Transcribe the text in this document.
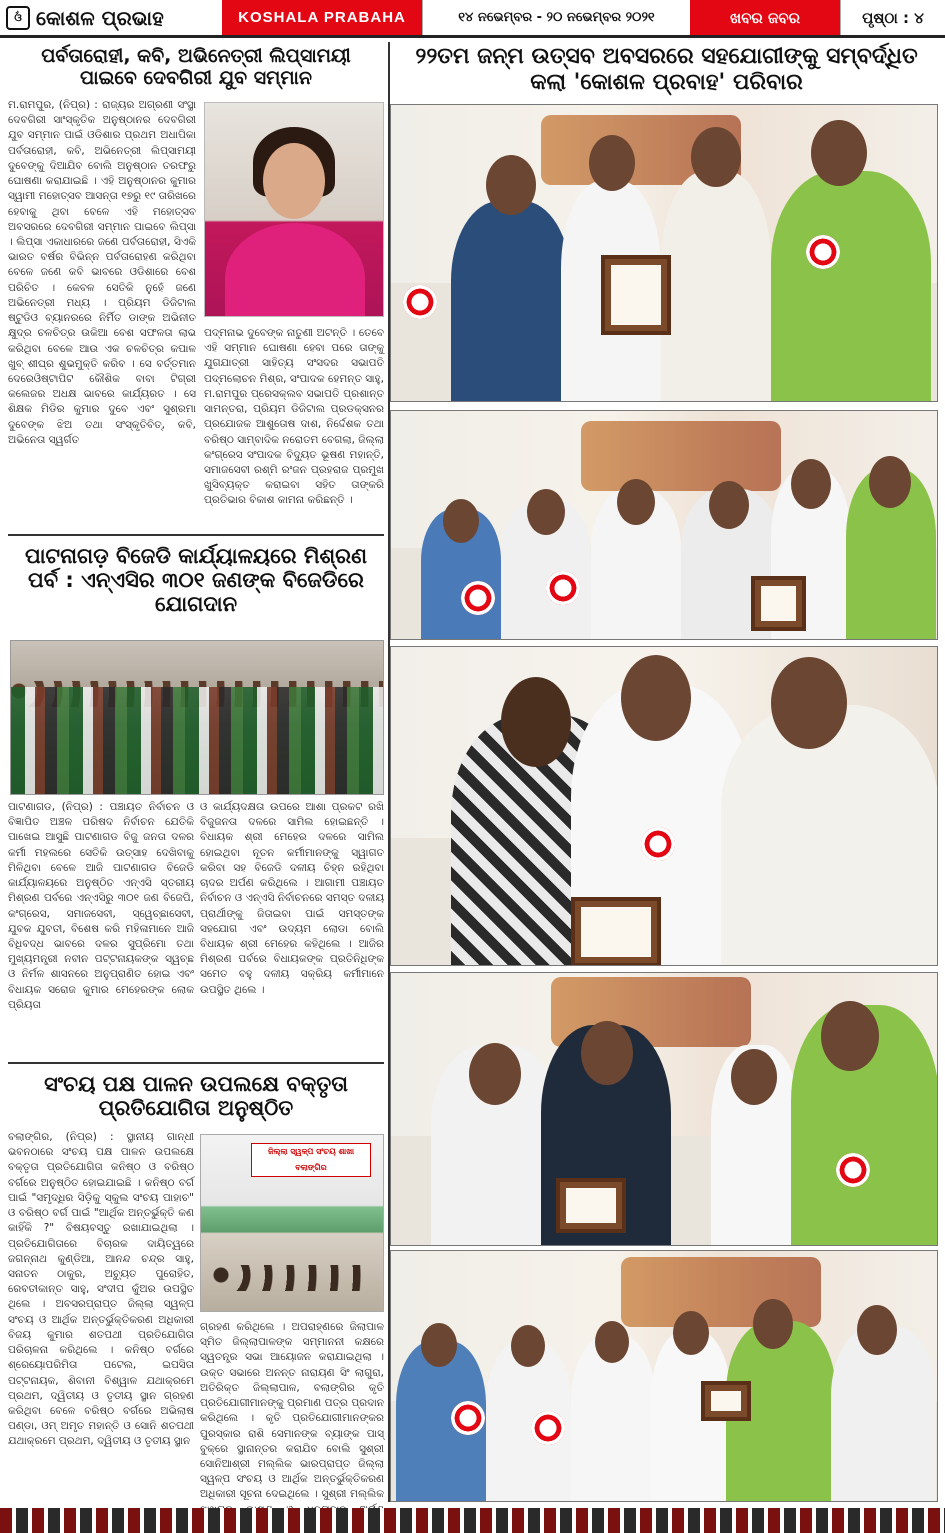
ଓଁ କୋଶଳ ପ୍ରଭାହ	KOSHALA PRABAHA	୧୪ ନଭେମ୍ବର - ୨୦ ନଭେମ୍ବର ୨୦୨୧	ଖବର ଜବର	ପୃଷ୍ଠା : ୪
ପର୍ବତାରୋହୀ, କବି, ଅଭିନେତ୍ରୀ ଲିପ୍ସାମୟୀ ପାଇବେ ଦେବଗିରୀ ଯୁବ ସମ୍ମାନ
ମ.ରାମପୁର, (ନିପ୍ର) : ରାଜ୍ୟର ଅଗ୍ରଣୀ ସଂସ୍ଥା ଦେବଗିରୀ ସାଂସ୍କୃତିକ ଅନୁଷ୍ଠାନର ଦେବଗିରୀ ଯୁବ ସମ୍ମାନ ପାଇଁ ଓଡିଶାର ପ୍ରଥମ ଅଧାପିକା ପର୍ବତାରୋହୀ, କବି, ଅଭିନେତ୍ରୀ ଲିପ୍ସାମୟୀ ଦୁବେଙ୍କୁ ଦିଆଯିବ ବୋଲି ଅନୁଷ୍ଠାନ ତରଫରୁ ଘୋଷଣା କରାଯାଇଛି । ଏହି ଅନୁଷ୍ଠାନର କୁମାର ସ୍ୱାମୀ ମହୋତ୍ସବ ଆସନ୍ତା ୧୭ରୁ ୧୯ ତାରିଖରେ ହେବାକୁ ଥିବା ବେଳେ ଏହି ମହୋତ୍ସବ ଅବସରରେ ଦେବଗିରୀ ସମ୍ମାନ ପାଇବେ ଲିପ୍ସା । ଲିପ୍ସା ଏକାଧାରରେ ଜଣେ ପର୍ବତାରୋହୀ, ସିଏକି ଭାରତ ବର୍ଷର ବିଭିନ୍ନ ପର୍ବତାରୋହଣ କରିଥିବା ବେଳେ ଜଣେ କବି ଭାବରେ ଓଡିଶାରେ ବେଶ ପରିଚିତ । କେବଳ ସେତିକି ନୁହେଁ ଜଣେ ଅଭିନେତ୍ରୀ ମଧ୍ୟ । ପ୍ରିୟମ ଡିଜିଟାଲ ଷ୍ଟୁଡିଓ ବ୍ୟାନରରେ ନିର୍ମିତ ଡାଙ୍କ ଅଭିନୀତ କ୍ଷୁଦ୍ର ଚଳଚିତ୍ର ଉକିଆ ବେଶ ସଫଳତା ଲାଭ କରିଥିବା ବେଳେ ଆଉ ଏକ ଚଳଚିତ୍ର କପାଳ ଖୁବ୍ ଶୀଘ୍ର ଶୁଭମୁକ୍ତି କରିବ । ସେ ବର୍ତ୍ତମାନ ଦେରେଓିଷ୍ଟାପିଟ କୌଶିକ ବାବା ଟିଗ୍ରୀ କଲେଜର ଅଧକ୍ଷ ଭାବରେ କାର୍ଯ୍ୟରତ । ସେ ଶିକ୍ଷକ ମିଡିର କୁମାର ଦୁବେ ଏବଂ ସୁଶ୍ରମା ଦୁବେଙ୍କ ଝିଅ ତଥା ସଂସ୍କୃତିବିତ୍, କବି, ଅଭିନେତା ସ୍ୱର୍ଗତ
ପଦ୍ମନାଭ ଦୁବେଙ୍କ ନାତୁଣୀ ଅଟନ୍ତି । ତେବେ ଏହି ସମ୍ମାନ ଘୋଷଣା ହେବା ପରେ ତାଙ୍କୁ ଯୁଗଯାତ୍ରୀ ସାହିତ୍ୟ ସଂସଦର ସଭାପତି ପଦ୍ମଲୋଚନ ମିଶ୍ର, ସଂପାଦକ ହେମନ୍ତ ସାହୁ, ମ.ରାମପୁର ପ୍ରେସକ୍ଲବ ସଭାପତି ପ୍ରଶାନ୍ତ ସାମନ୍ତରା, ପ୍ରିୟମ ଡିଜିଟାଲ ପ୍ରଡକ୍ସନର ପ୍ରଯୋଜକ ଆଶୁତୋଷ ଦାଶ, ନିର୍ଦ୍ଦେଶକ ତଥା ବରିଷ୍ଠ ସାମ୍ବାଦିକ ନରୋତମ ବେଗଲା, ଜିଲ୍ଲା କଂଗ୍ରେସ ସଂପାଦକ ବିଦ୍ୟୁତ ଭୂଷଣ ମହାନ୍ତି, ସମାଜସେବୀ ରଶ୍ମି ରଂଜନ ପ୍ରହରାଜ ପ୍ରମୁଖ ଖୁସିବ୍ୟକ୍ତ କରାଇବା ସହିତ ତାଙ୍କରି ପ୍ରତିଭାର ବିକାଶ କାମନା କରିଛନ୍ତି ।
ପାଟନାଗଡ଼ ବିଜେଡି କାର୍ଯ୍ୟାଳୟରେ ମିଶ୍ରଣ ପର୍ବ : ଏନ୍‌ଏସିର ୩୦୧ ଜଣଙ୍କ ବିଜେଡିରେ ଯୋଗଦାନ
ପାଟଣାଗଡ, (ନିପ୍ର) : ପଞ୍ଚାୟତ ନିର୍ବାଚନ ଓ ବିଜ୍ଞାପିତ ଅଞ୍ଚଳ ପରିଷଦ ନିର୍ବାଚନ ଯେତିକି ପାଖେଇ ଆସୁଛି ପାଟଣାଗଡ ବିଜୁ ଜନତା ଦଳର କର୍ମୀ ମହଲରେ ସେତିକି ଉତ୍ସାହ ଦେଖିବାକୁ ମିଳିଥିବା ବେଳେ ଆଜି ପାଟଣାଗଡ ବିଜେଡି କାର୍ଯ୍ୟାଳୟରେ ଅନୁଷ୍ଠିତ ଏନ୍‌ଏସି ସ୍ତରୀୟ ମିଶ୍ରଣ ପର୍ବରେ ଏନ୍‌ଏସିରୁ ୩୦୧ ଜଣ ବିଜେପି, କଂଗ୍ରେସ, ସମାଜସେବୀ, ସ୍ୱେଚ୍ଛାସେବୀ, ଯୁବକ ଯୁବତୀ, ବିଶେଷ କରି ମହିଳାମାନେ ଆଜି ବିଧିବଦ୍ଧ ଭାବରେ ଦଳର ସୁପ୍ରିମୋ ତଥା ମୁଖ୍ୟମନ୍ତ୍ରୀ ନବୀନ ପଟ୍ଟନାୟକଙ୍କ ସ୍ୱଚ୍ଛ ଓ ନିର୍ମଳ ଶାସନରେ ଅନୁପ୍ରାଣିତ ହୋଇ ଏବଂ ବିଧାୟକ ସରୋଜ କୁମାର ମେହେରଙ୍କ ଲୋକ ପ୍ରିୟତା
ଓ କାର୍ଯ୍ୟଦକ୍ଷତା ଉପରେ ଆଶା ପ୍ରକଟ ରଖି ବିଜୁଜନତା ଦଳରେ ସାମିଲ ହୋଇଛନ୍ତି । ବିଧାୟକ ଶ୍ରୀ ମେହେର ଦଳରେ ସାମିଲ ହୋଇଥିବା ନୂତନ କର୍ମୀମାନଙ୍କୁ ସ୍ୱାଗତ କରିବା ସହ ବିଜେଡି ଦଳୀୟ ଚିହ୍ନ ରହିଥିବା ଚାଦର ଅର୍ପଣ କରିଥିଲେ । ଆଗାମୀ ପଞ୍ଚାୟତ ନିର୍ବାଚନ ଓ ଏନ୍‌ଏସି ନିର୍ବାଚନରେ ସମସ୍ତ ଦଳୀୟ ପ୍ରାର୍ଥୀଙ୍କୁ ଜିତାଇବା ପାଇଁ ସମସ୍ତଙ୍କ ସହଯୋଗ ଏବଂ ଉଦ୍ୟମ ଲୋଡା ବୋଲି ବିଧାୟକ ଶ୍ରୀ ମେହେର କହିଥିଲେ । ଆଜିର ମିଶ୍ରଣ ପର୍ବରେ ବିଧାୟକଙ୍କ ପ୍ରତିନିଧିଙ୍କ ସମେତ ବହୁ ଦଳୀୟ ସକ୍ରିୟ କର୍ମୀମାନେ ଉପସ୍ଥିତ ଥିଲେ ।
ସଂଚୟ ପକ୍ଷ ପାଳନ ଉପଲକ୍ଷେ ବକ୍ତୃତା ପ୍ରତିଯୋଗିତା ଅନୁଷ୍ଠିତ
ବଲାଙ୍ଗିର, (ନିପ୍ର) : ସ୍ଥାନୀୟ ଗାନ୍ଧୀ ଭବନଠାରେ ସଂଚୟ ପକ୍ଷ ପାଳନ ଉପଲକ୍ଷେ ବକ୍ତୃତା ପ୍ରତିଯୋଗିତା କନିଷ୍ଠ ଓ ବରିଷ୍ଠ ବର୍ଗରେ ଅନୁଷ୍ଠିତ ହୋଇଯାଇଛି । କନିଷ୍ଠ ବର୍ଗ ପାଇଁ "ସମୃଦ୍ଧିର ସିଡ଼ିକୁ ସ୍କୁଲ ସଂଚୟ ପାହାଚ" ଓ ବରିଷ୍ଠ ବର୍ଗ ପାଇଁ "ଆର୍ଥିକ ଅନ୍ତର୍ଭୁକ୍ତି କଣ କାହିଁକି ?" ବିଷୟବସ୍ତୁ ରଖାଯାଇଥିଲା । ପ୍ରତିଯୋଗିତାରେ ବିଚାରକ ଦାୟିତ୍ୱରେ ଜଗନ୍ନାଥ କୁଣ୍ଡିଆ, ଆନନ୍ଦ ଚନ୍ଦ୍ର ସାହୁ, ସନାତନ ଠାକୁର, ଅଚ୍ୟୁତ ପୁରୋହିତ, ରେବତୀକାନ୍ତ ସାହୁ, ସଂଦୀପ କୁଁଅର ଉପସ୍ଥିତ ଥିଲେ । ଅବସରପ୍ରାପ୍ତ ଜିଲ୍ଲା ସ୍ୱଳ୍ପ ସଂଚୟ ଓ ଆର୍ଥିକ ଅନ୍ତର୍ଭୁକ୍ତିକରଣ ଅଧିକାରୀ ବିଜୟ କୁମାର ଶତପଥୀ ପ୍ରତିଯୋଗିତା ପରିଚାଳନା କରିଥିଲେ । କନିଷ୍ଠ ବର୍ଗରେ ଶ୍ରେୟୋପରିମିତା ପଟେଲ, ଇପସିତା ପଟ୍ଟନାୟକ, ଶିବାନୀ ବିଶ୍ୱାଳ ଯଥାକ୍ରମେ ପ୍ରଥମ, ଦ୍ୱିତୀୟ ଓ ତୃତୀୟ ସ୍ଥାନ ଗ୍ରହଣ କରିଥିବା ବେଳେ ବରିଷ୍ଠ ବର୍ଗରେ ଅଭିଲାଷ ପଣ୍ଡା, ଓମ୍ ଅମୃତ ମହାନ୍ତି ଓ ସୋନି ଶତପଥୀ ଯଥାକ୍ରମେ ପ୍ରଥମ, ଦ୍ୱିତୀୟ ଓ ତୃତୀୟ ସ୍ଥାନ
ଜିଲ୍ଲା ସ୍ୱଳ୍ପ ସଂଚୟ ଶାଖା ବଲାଙ୍ଗିର
ଗ୍ରହଣ କରିଥିଲେ । ଅପରାହ୍ଣରେ ଜିଲାପାଳ ସ୍ମିତ ଜିଲ୍ଲାପାଳଙ୍କ ସମ୍ମାନନୀ କକ୍ଷରେ ସ୍ୱତନ୍ତ୍ର ସଭା ଆୟୋଜନ କରାଯାଇଥିଲା । ଉକ୍ତ ସଭାରେ ଅନନ୍ତ ନାରାୟଣ ସିଂ ଲାଗୁରା, ଅତିରିକ୍ତ ଜିଲ୍ଲାପାଳ, ବଲାଙ୍ଗିର କୃତି ପ୍ରତିଯୋଗୀମାନଙ୍କୁ ପ୍ରମାଣ ପତ୍ର ପ୍ରଦାନ କରିଥିଲେ । କୃତି ପ୍ରତିଯୋଗୀମାନଙ୍କର ପୁରସ୍କାର ରାଶି ସେମାନଙ୍କ ବ୍ୟାଙ୍କ ପାସ୍ ବୁକ୍‌ରେ ସ୍ଥାନାନ୍ତର କରାଯିବ ବୋଲି ସୁଶ୍ରୀ ସୋନିଆଶ୍ରୀ ମଲ୍ଲିକ ଭାରପ୍ରାପ୍ତ ଜିଲ୍ଲା ସ୍ୱଳ୍ପ ସଂଚୟ ଓ ଆର୍ଥିକ ଅନ୍ତର୍ଭୁକ୍ତିକରଣ ଅଧିକାରୀ ସୂଚନା ଦେଇଥିଲେ । ସୁଶ୍ରୀ ମଲ୍ଲିକ
୨୨ତମ ଜନ୍ମ ଉତ୍ସବ ଅବସରରେ ସହଯୋଗୀଙ୍କୁ ସମ୍ବର୍ଦ୍ଧିତ କଲା 'କୋଶଳ ପ୍ରବାହ' ପରିବାର
